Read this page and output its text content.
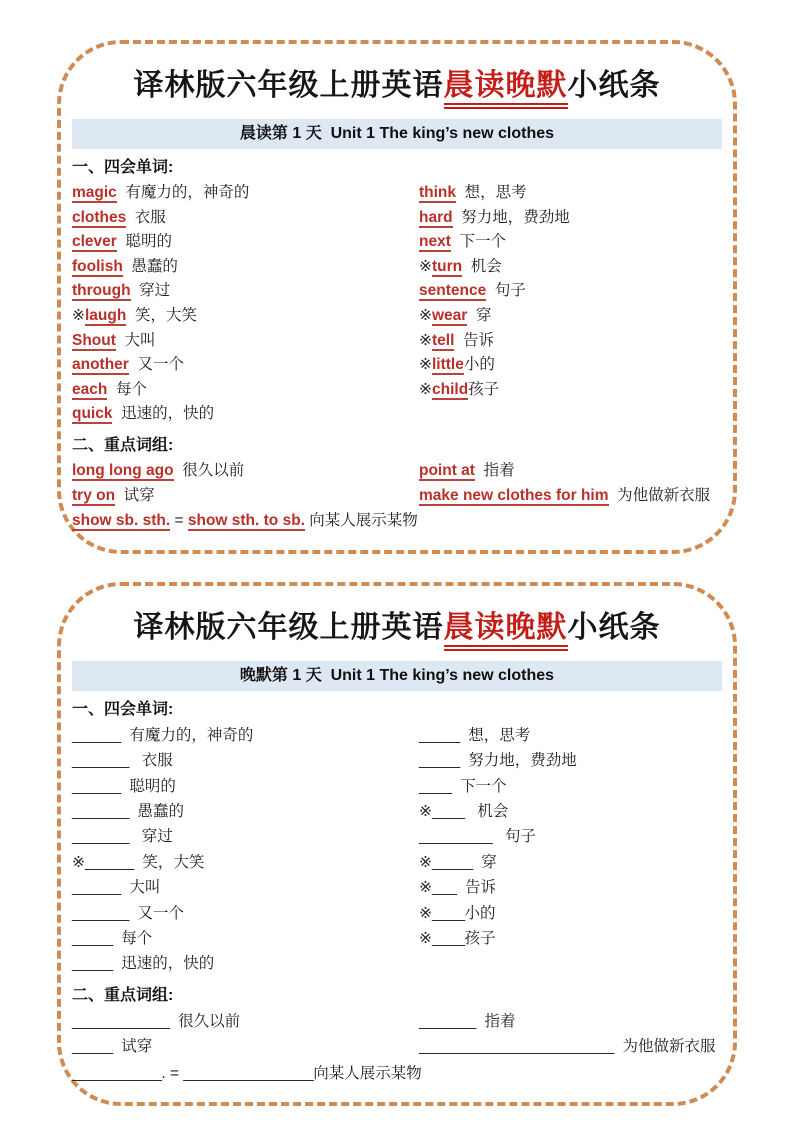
译林版六年级上册英语晨读晚默小纸条
晨读第 1 天  Unit 1 The king’s new clothes
一、四会单词:
magic  有魔力的，神奇的
clothes  衣服
clever  聪明的
foolish  愚蠢的
through  穿过
※laugh  笑，大笑
Shout  大叫
another  又一个
each  每个
quick  迅速的，快的
think  想，思考
hard  努力地，费劲地
next  下一个
※turn  机会
sentence  句子
※wear  穿
※tell  告诉
※little小的
※child孩子
二、重点词组:
long long ago  很久以前
try on  试穿
point at  指着
make new clothes for him  为他做新衣服
show sb. sth. = show sth. to sb. 向某人展示某物
译林版六年级上册英语晨读晚默小纸条
晚默第 1 天  Unit 1 The king’s new clothes
一、四会单词:
______  有魔力的，神奇的
_______   衣服
______  聪明的
_______  愚蠢的
_______   穿过
※______  笑，大笑
______  大叫
_______  又一个
_____  每个
_____  迅速的，快的
_____  想，思考
_____  努力地，费劲地
____  下一个
※____   机会
_________   句子
※_____  穿
※___  告诉
※____小的
※____孩子
二、重点词组:
____________  很久以前
_____  试穿
_______  指着
________________________  为他做新衣服
___________. = ________________向某人展示某物
